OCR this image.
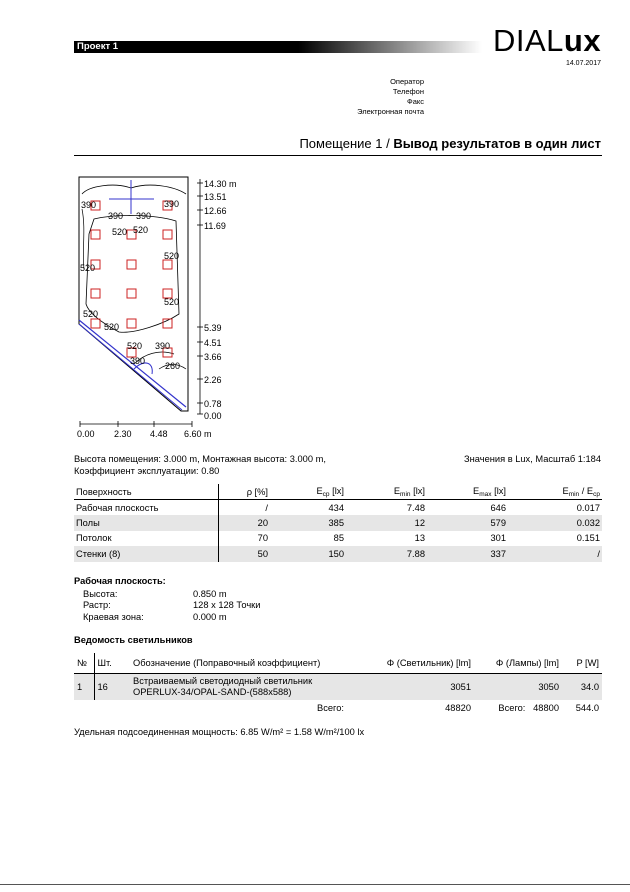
Проект 1	DIALux
14.07.2017
Оператор
Телефон
Факс
Электронная почта
Помещение 1 / Вывод результатов в один лист
390
390 390
390
520 520
520
520
520
520
520
520
390
390
260
14.30 m
13.51
12.66
11.69
5.39
4.51
3.66
2.26
0.78
0.00
0.00 2.30 4.48 6.60 m
Высота помещения: 3.000 m, Монтажная высота: 3.000 m,
Коэффициент эксплуатации: 0.80
Значения в Lux, Масштаб 1:184
Поверхность	ρ [%]	$E_{ср}$ [lx]	$E_{min}$ [lx]	$E_{max}$ [lx]	$E_{min} / E_{ср}$
Рабочая плоскость	/	434	7.48	646	0.017
Полы	20	385	12	579	0.032
Потолок	70	85	13	301	0.151
Стенки (8)	50	150	7.88	337	/
Рабочая плоскость:
Высота:	0.850 m
Растр:	128 x 128 Точки
Краевая зона:	0.000 m
Ведомость светильников
№	Шт.	Обозначение (Поправочный коэффициент)	Φ (Светильник) [lm]	Φ (Лампы) [lm]	P [W]
1	16	Встраиваемый светодиодный светильник
OPERLUX-34/OPAL-SAND-(588x588)	3051	3050	34.0
		Всего:	48820	Всего: 48800	544.0
Удельная подсоединенная мощность: 6.85 W/m² = 1.58 W/m²/100 lx
